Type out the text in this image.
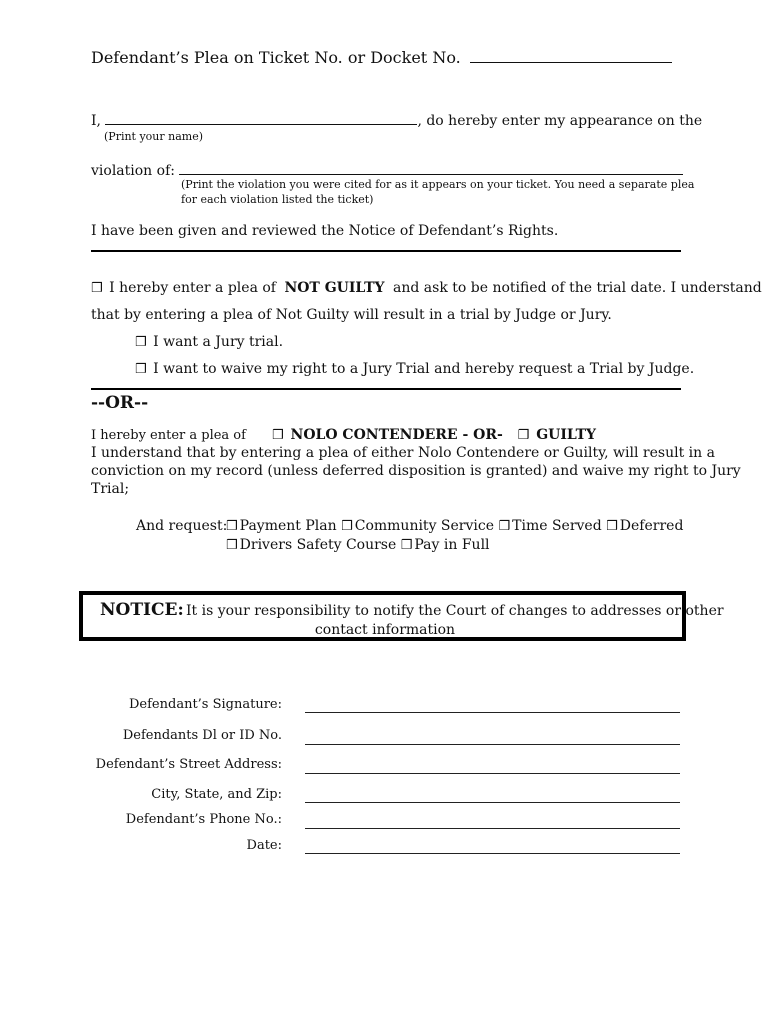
Defendant’s Plea on Ticket No. or Docket No.
I,	, do hereby enter my appearance on the
(Print your name)
violation of:
(Print the violation you were cited for as it appears on your ticket. You need a separate plea
for each violation listed the ticket)
I have been given and reviewed the Notice of Defendant’s Rights.
❒ I hereby enter a plea of NOT GUILTY and ask to be notified of the trial date. I understand
that by entering a plea of Not Guilty will result in a trial by Judge or Jury.
❒ I want a Jury trial.
❒ I want to waive my right to a Jury Trial and hereby request a Trial by Judge.
--OR--
I hereby enter a plea of ❒ NOLO CONTENDERE - OR- ❒ GUILTY
I understand that by entering a plea of either Nolo Contendere or Guilty, will result in a
conviction on my record (unless deferred disposition is granted) and waive my right to Jury
Trial;
And request:
❒ Payment Plan ❒ Community Service ❒ Time Served ❒ Deferred
❒ Drivers Safety Course ❒ Pay in Full
NOTICE: It is your responsibility to notify the Court of changes to addresses or other
contact information
Defendant’s Signature:
Defendants Dl or ID No.
Defendant’s Street Address:
City, State, and Zip:
Defendant’s Phone No.:
Date:
